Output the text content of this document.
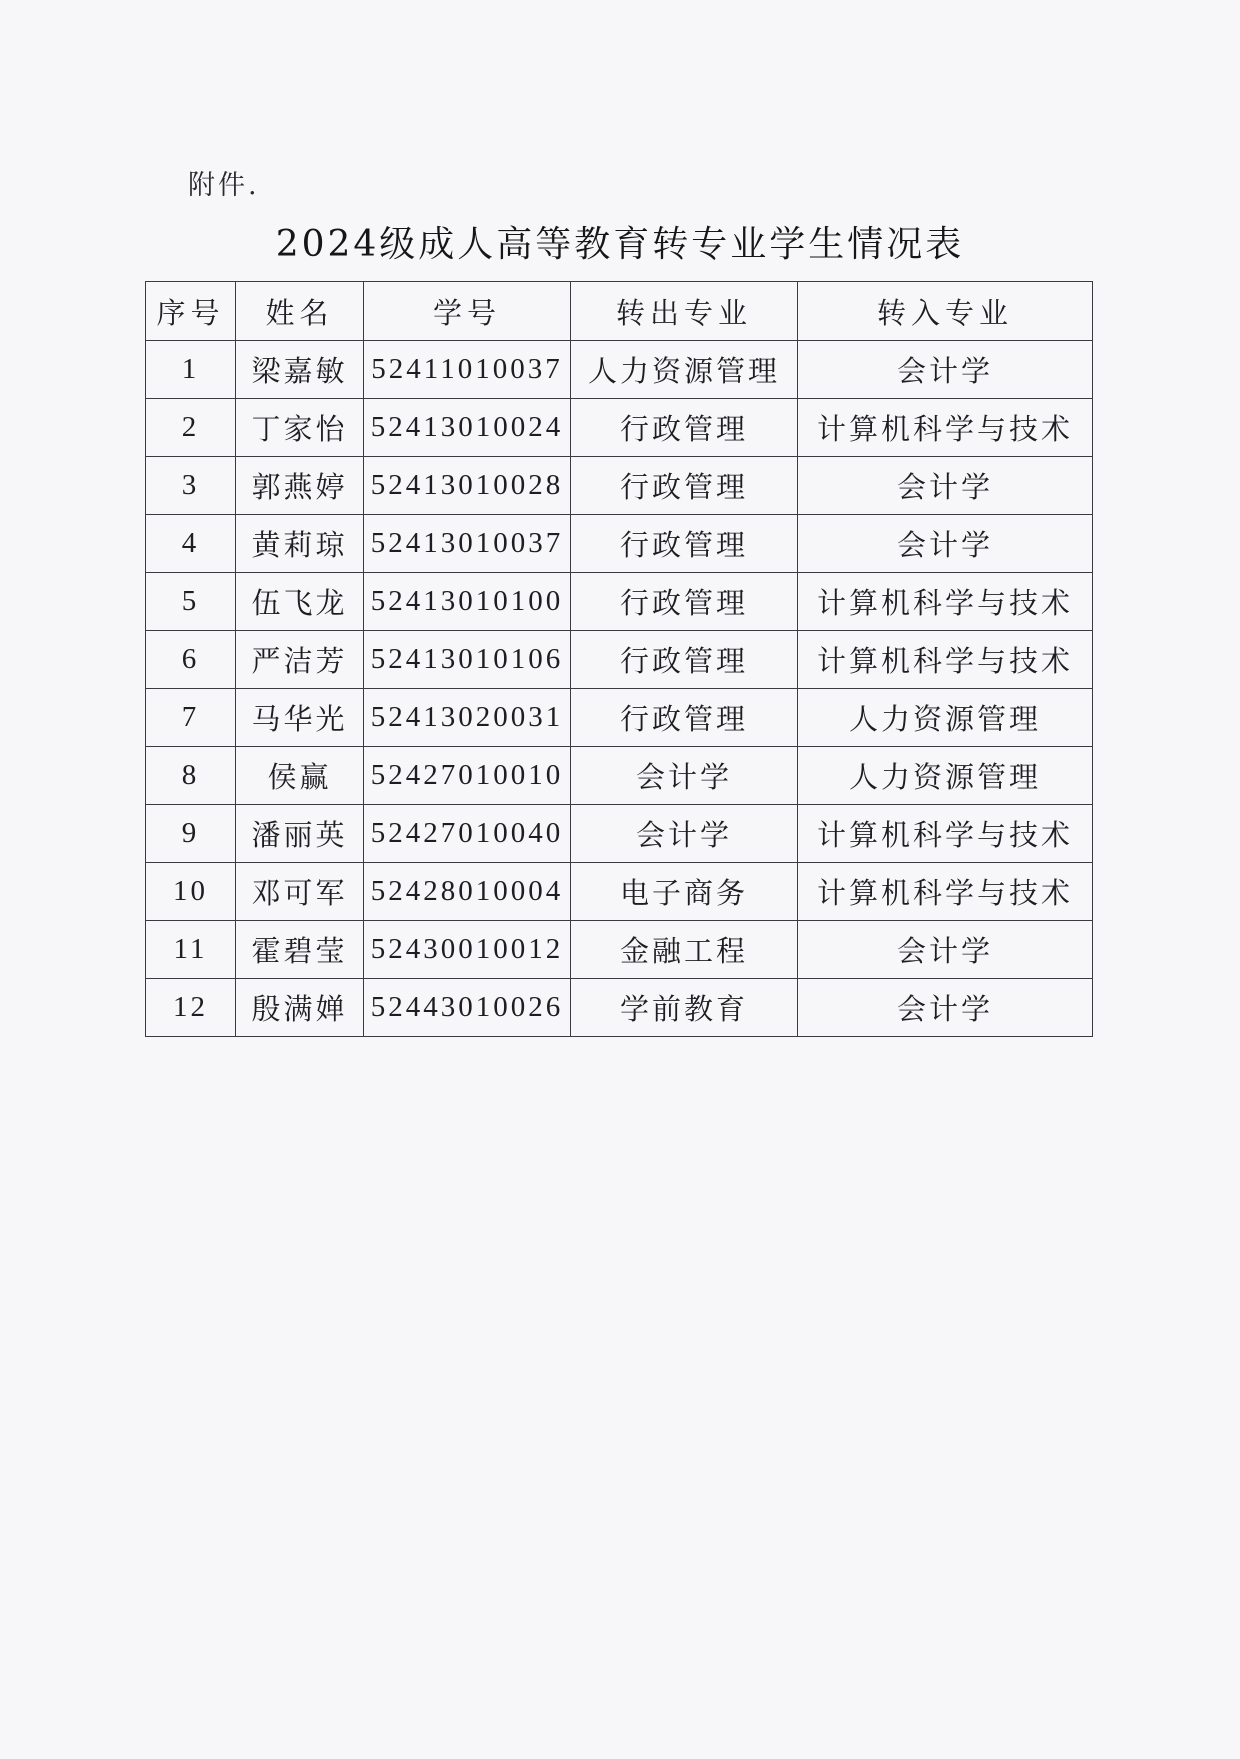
附件.
2024级成人高等教育转专业学生情况表
序号	姓名	学号	转出专业	转入专业
1	梁嘉敏	52411010037	人力资源管理	会计学
2	丁家怡	52413010024	行政管理	计算机科学与技术
3	郭燕婷	52413010028	行政管理	会计学
4	黄莉琼	52413010037	行政管理	会计学
5	伍飞龙	52413010100	行政管理	计算机科学与技术
6	严洁芳	52413010106	行政管理	计算机科学与技术
7	马华光	52413020031	行政管理	人力资源管理
8	侯赢	52427010010	会计学	人力资源管理
9	潘丽英	52427010040	会计学	计算机科学与技术
10	邓可军	52428010004	电子商务	计算机科学与技术
11	霍碧莹	52430010012	金融工程	会计学
12	殷满婵	52443010026	学前教育	会计学
